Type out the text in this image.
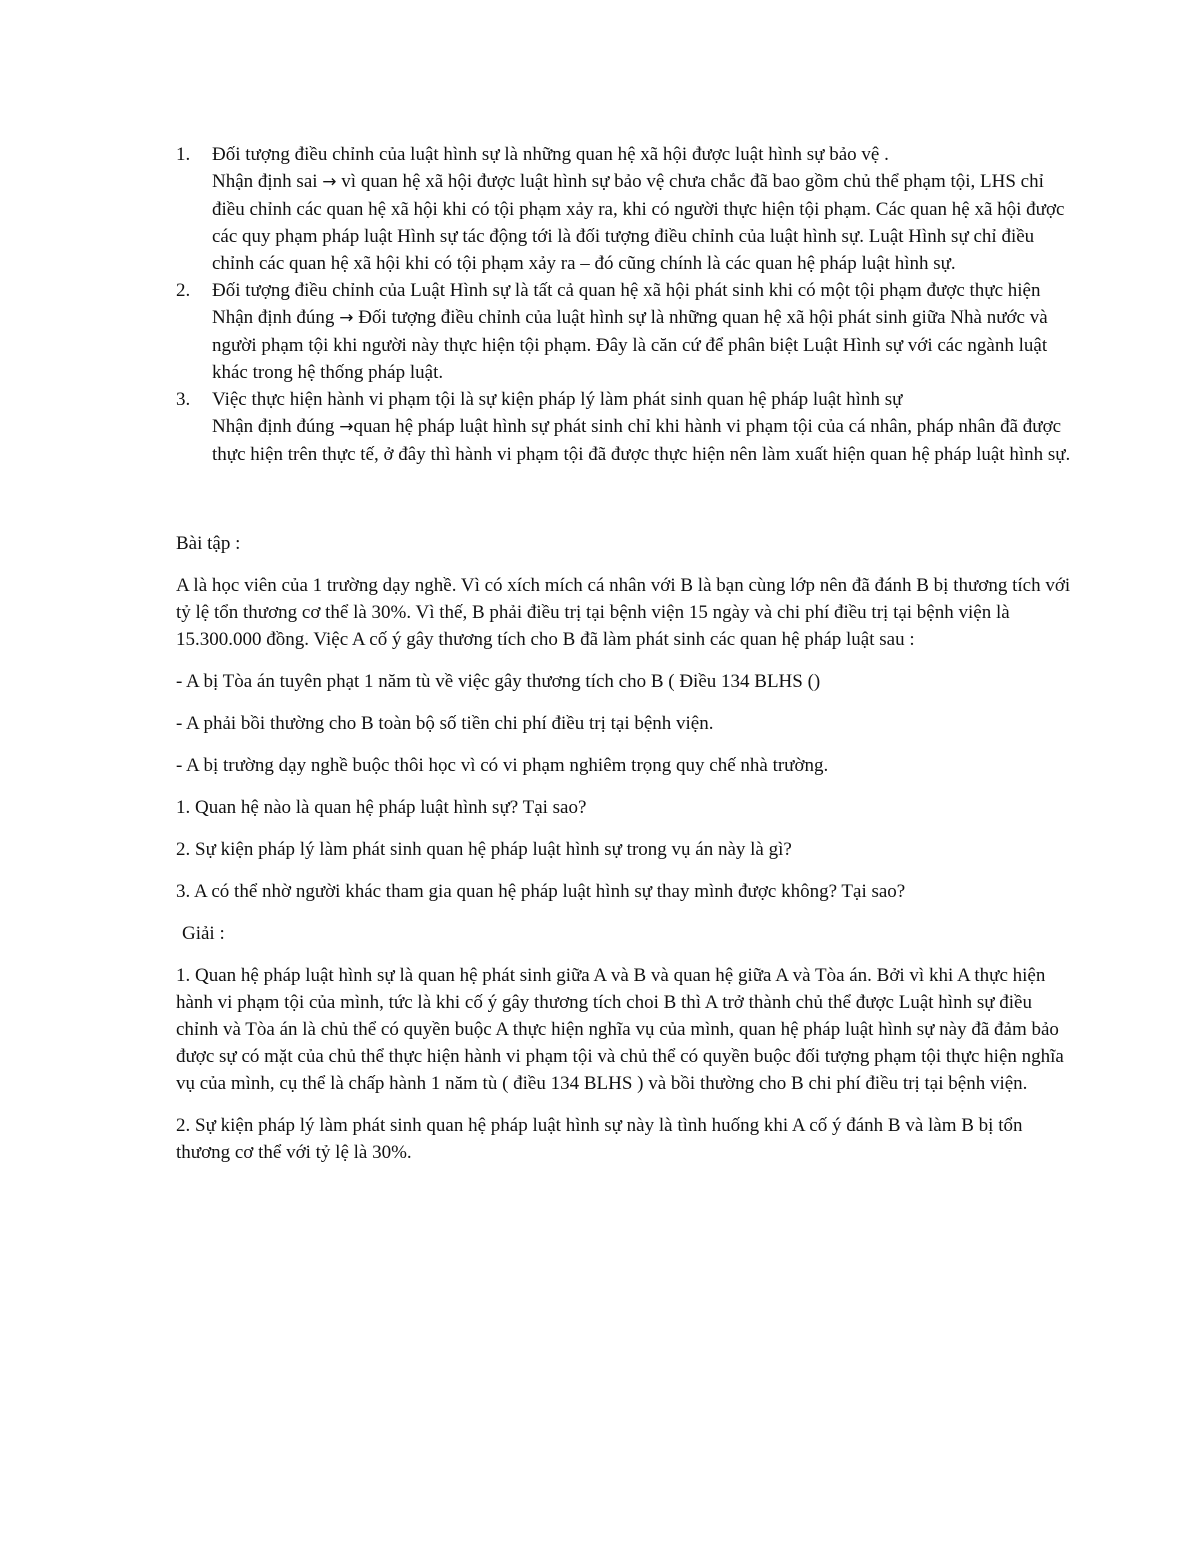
1. Đối tượng điều chỉnh của luật hình sự là những quan hệ xã hội được luật hình sự bảo vệ .

Nhận định sai → vì quan hệ xã hội được luật hình sự bảo vệ chưa chắc đã bao gồm chủ thể phạm tội, LHS chỉ điều chỉnh các quan hệ xã hội khi có tội phạm xảy ra, khi có người thực hiện tội phạm. Các quan hệ xã hội được các quy phạm pháp luật Hình sự tác động tới là đối tượng điều chỉnh của luật hình sự. Luật Hình sự chỉ điều chỉnh các quan hệ xã hội khi có tội phạm xảy ra – đó cũng chính là các quan hệ pháp luật hình sự.

2. Đối tượng điều chỉnh của Luật Hình sự là tất cả quan hệ xã hội phát sinh khi có một tội phạm được thực hiện

Nhận định đúng → Đối tượng điều chỉnh của luật hình sự là những quan hệ xã hội phát sinh giữa Nhà nước và người phạm tội khi người này thực hiện tội phạm. Đây là căn cứ để phân biệt Luật Hình sự với các ngành luật khác trong hệ thống pháp luật.

3. Việc thực hiện hành vi phạm tội là sự kiện pháp lý làm phát sinh quan hệ pháp luật hình sự

Nhận định đúng →quan hệ pháp luật hình sự phát sinh chỉ khi hành vi phạm tội của cá nhân, pháp nhân đã được thực hiện trên thực tế, ở đây thì hành vi phạm tội đã được thực hiện nên làm xuất hiện quan hệ pháp luật hình sự.

Bài tập :

A là học viên của 1 trường dạy nghề. Vì có xích mích cá nhân với B là bạn cùng lớp nên đã đánh B bị thương tích với tỷ lệ tổn thương cơ thể là 30%. Vì thế, B phải điều trị tại bệnh viện 15 ngày và chi phí điều trị tại bệnh viện là 15.300.000 đồng. Việc A cố ý gây thương tích cho B đã làm phát sinh các quan hệ pháp luật sau :

- A bị Tòa án tuyên phạt 1 năm tù về việc gây thương tích cho B ( Điều 134 BLHS ()

- A phải bồi thường cho B toàn bộ số tiền chi phí điều trị tại bệnh viện.

- A bị trường dạy nghề buộc thôi học vì có vi phạm nghiêm trọng quy chế nhà trường.

1. Quan hệ nào là quan hệ pháp luật hình sự? Tại sao?

2. Sự kiện pháp lý làm phát sinh quan hệ pháp luật hình sự trong vụ án này là gì?

3. A có thể nhờ người khác tham gia quan hệ pháp luật hình sự thay mình được không? Tại sao?

Giải :

1. Quan hệ pháp luật hình sự là quan hệ phát sinh giữa A và B và quan hệ giữa A và Tòa án. Bởi vì khi A thực hiện hành vi phạm tội của mình, tức là khi cố ý gây thương tích choi B thì A trở thành chủ thể được Luật hình sự điều chỉnh và Tòa án là chủ thể có quyền buộc A thực hiện nghĩa vụ của mình, quan hệ pháp luật hình sự này đã đảm bảo được sự có mặt của chủ thể thực hiện hành vi phạm tội và chủ thể có quyền buộc đối tượng phạm tội thực hiện nghĩa vụ của mình, cụ thể là chấp hành 1 năm tù ( điều 134 BLHS ) và bồi thường cho B chi phí điều trị tại bệnh viện.

2. Sự kiện pháp lý làm phát sinh quan hệ pháp luật hình sự này là tình huống khi A cố ý đánh B và làm B bị tổn thương cơ thể với tỷ lệ là 30%.
